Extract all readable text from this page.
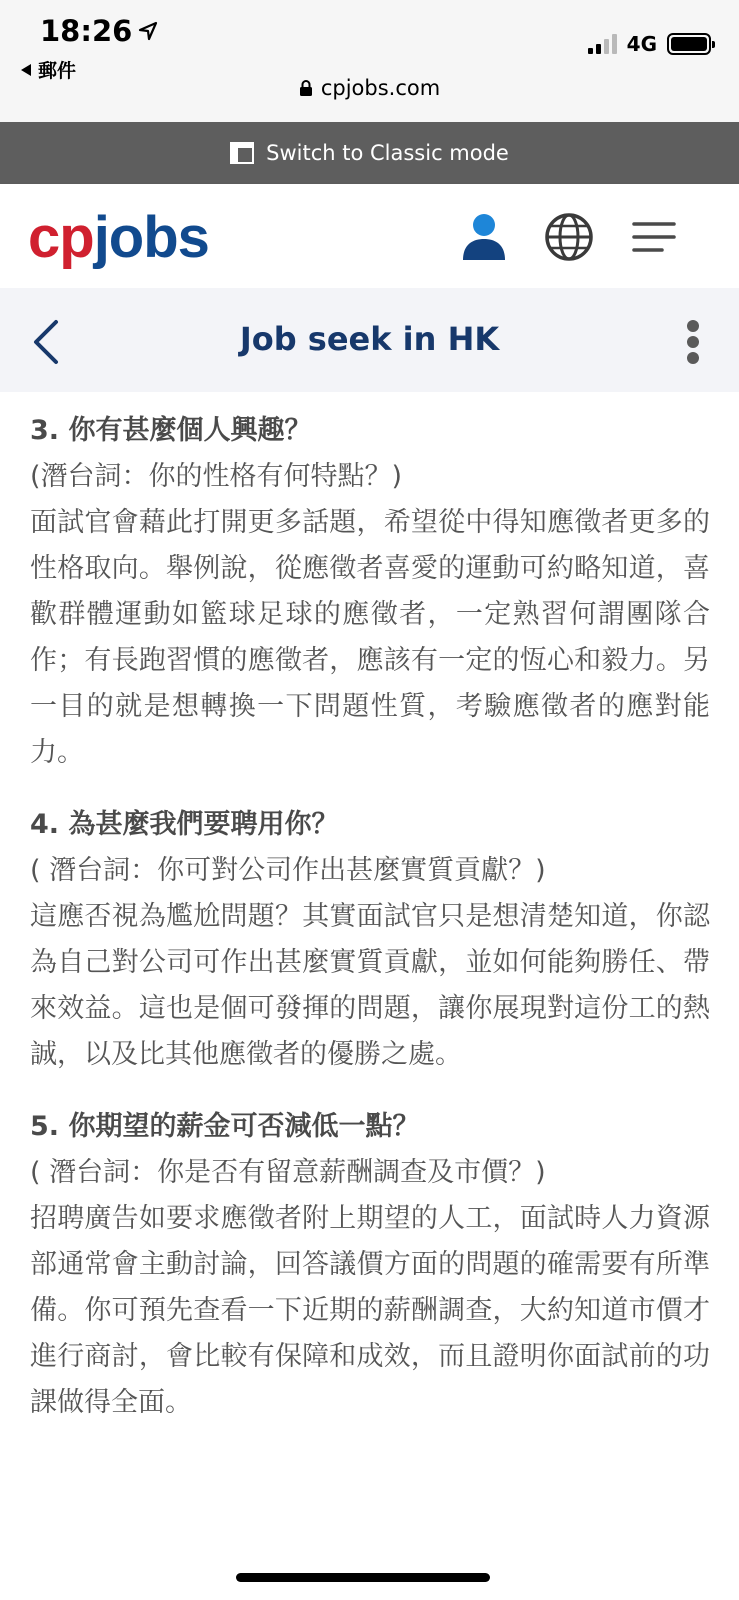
18:26
郵件
4G
cpjobs.com
Switch to Classic mode
cpjobs
Job seek in HK
3. 你有甚麼個人興趣？

(潛台詞：你的性格有何特點？)

面試官會藉此打開更多話題，希望從中得知應徵者更多的性格取向。舉例說，從應徵者喜愛的運動可約略知道，喜歡群體運動如籃球足球的應徵者，一定熟習何謂團隊合作；有長跑習慣的應徵者，應該有一定的恆心和毅力。另一目的就是想轉換一下問題性質，考驗應徵者的應對能力。

4. 為甚麼我們要聘用你？

( 潛台詞：你可對公司作出甚麼實質貢獻？)

這應否視為尷尬問題？其實面試官只是想清楚知道，你認為自己對公司可作出甚麼實質貢獻，並如何能夠勝任、帶來效益。這也是個可發揮的問題，讓你展現對這份工的熱誠，以及比其他應徵者的優勝之處。

5. 你期望的薪金可否減低一點？

( 潛台詞：你是否有留意薪酬調查及市價？)

招聘廣告如要求應徵者附上期望的人工，面試時人力資源部通常會主動討論，回答議價方面的問題的確需要有所準備。你可預先查看一下近期的薪酬調查，大約知道市價才進行商討，會比較有保障和成效，而且證明你面試前的功課做得全面。
